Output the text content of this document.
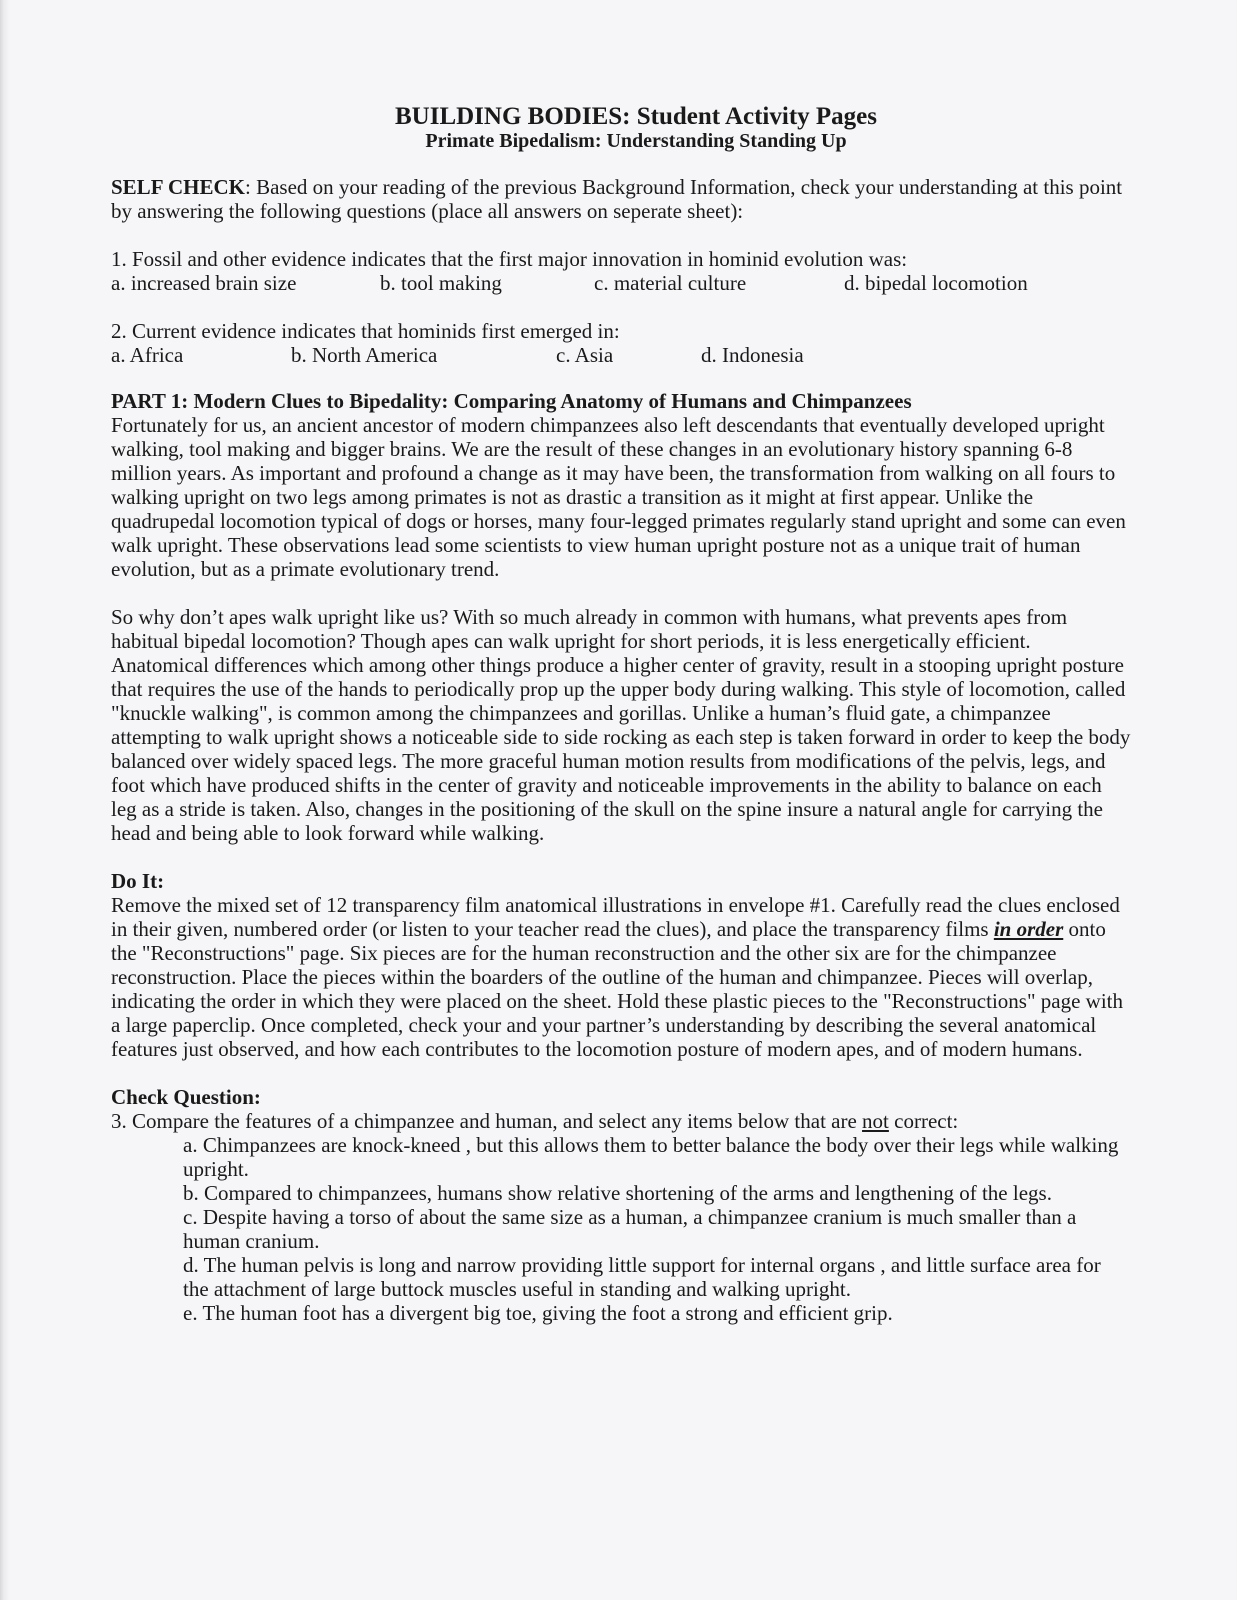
BUILDING BODIES: Student Activity Pages
Primate Bipedalism: Understanding Standing Up

SELF CHECK: Based on your reading of the previous Background Information, check your understanding at this point by answering the following questions (place all answers on seperate sheet):

1. Fossil and other evidence indicates that the first major innovation in hominid evolution was:

a. increased brain size	b. tool making	c. material culture	d. bipedal locomotion

2. Current evidence indicates that hominids first emerged in:

a. Africa	b. North America	c. Asia	d. Indonesia

PART 1: Modern Clues to Bipedality: Comparing Anatomy of Humans and Chimpanzees

Fortunately for us, an ancient ancestor of modern chimpanzees also left descendants that eventually developed upright walking, tool making and bigger brains. We are the result of these changes in an evolutionary history spanning 6-8 million years. As important and profound a change as it may have been, the transformation from walking on all fours to walking upright on two legs among primates is not as drastic a transition as it might at first appear. Unlike the quadrupedal locomotion typical of dogs or horses, many four-legged primates regularly stand upright and some can even walk upright. These observations lead some scientists to view human upright posture not as a unique trait of human evolution, but as a primate evolutionary trend.

So why don’t apes walk upright like us? With so much already in common with humans, what prevents apes from habitual bipedal locomotion? Though apes can walk upright for short periods, it is less energetically efficient. Anatomical differences which among other things produce a higher center of gravity, result in a stooping upright posture that requires the use of the hands to periodically prop up the upper body during walking. This style of locomotion, called "knuckle walking", is common among the chimpanzees and gorillas. Unlike a human’s fluid gate, a chimpanzee attempting to walk upright shows a noticeable side to side rocking as each step is taken forward in order to keep the body balanced over widely spaced legs. The more graceful human motion results from modifications of the pelvis, legs, and foot which have produced shifts in the center of gravity and noticeable improvements in the ability to balance on each leg as a stride is taken. Also, changes in the positioning of the skull on the spine insure a natural angle for carrying the head and being able to look forward while walking.

Do It:

Remove the mixed set of 12 transparency film anatomical illustrations in envelope #1. Carefully read the clues enclosed in their given, numbered order (or listen to your teacher read the clues), and place the transparency films in order onto the "Reconstructions" page. Six pieces are for the human reconstruction and the other six are for the chimpanzee reconstruction. Place the pieces within the boarders of the outline of the human and chimpanzee. Pieces will overlap, indicating the order in which they were placed on the sheet. Hold these plastic pieces to the "Reconstructions" page with a large paperclip. Once completed, check your and your partner’s understanding by describing the several anatomical features just observed, and how each contributes to the locomotion posture of modern apes, and of modern humans.

Check Question:

3. Compare the features of a chimpanzee and human, and select any items below that are not correct:

a. Chimpanzees are knock-kneed , but this allows them to better balance the body over their legs while walking upright.

b. Compared to chimpanzees, humans show relative shortening of the arms and lengthening of the legs.

c. Despite having a torso of about the same size as a human, a chimpanzee cranium is much smaller than a human cranium.

d. The human pelvis is long and narrow providing little support for internal organs , and little surface area for the attachment of large buttock muscles useful in standing and walking upright.

e. The human foot has a divergent big toe, giving the foot a strong and efficient grip.
